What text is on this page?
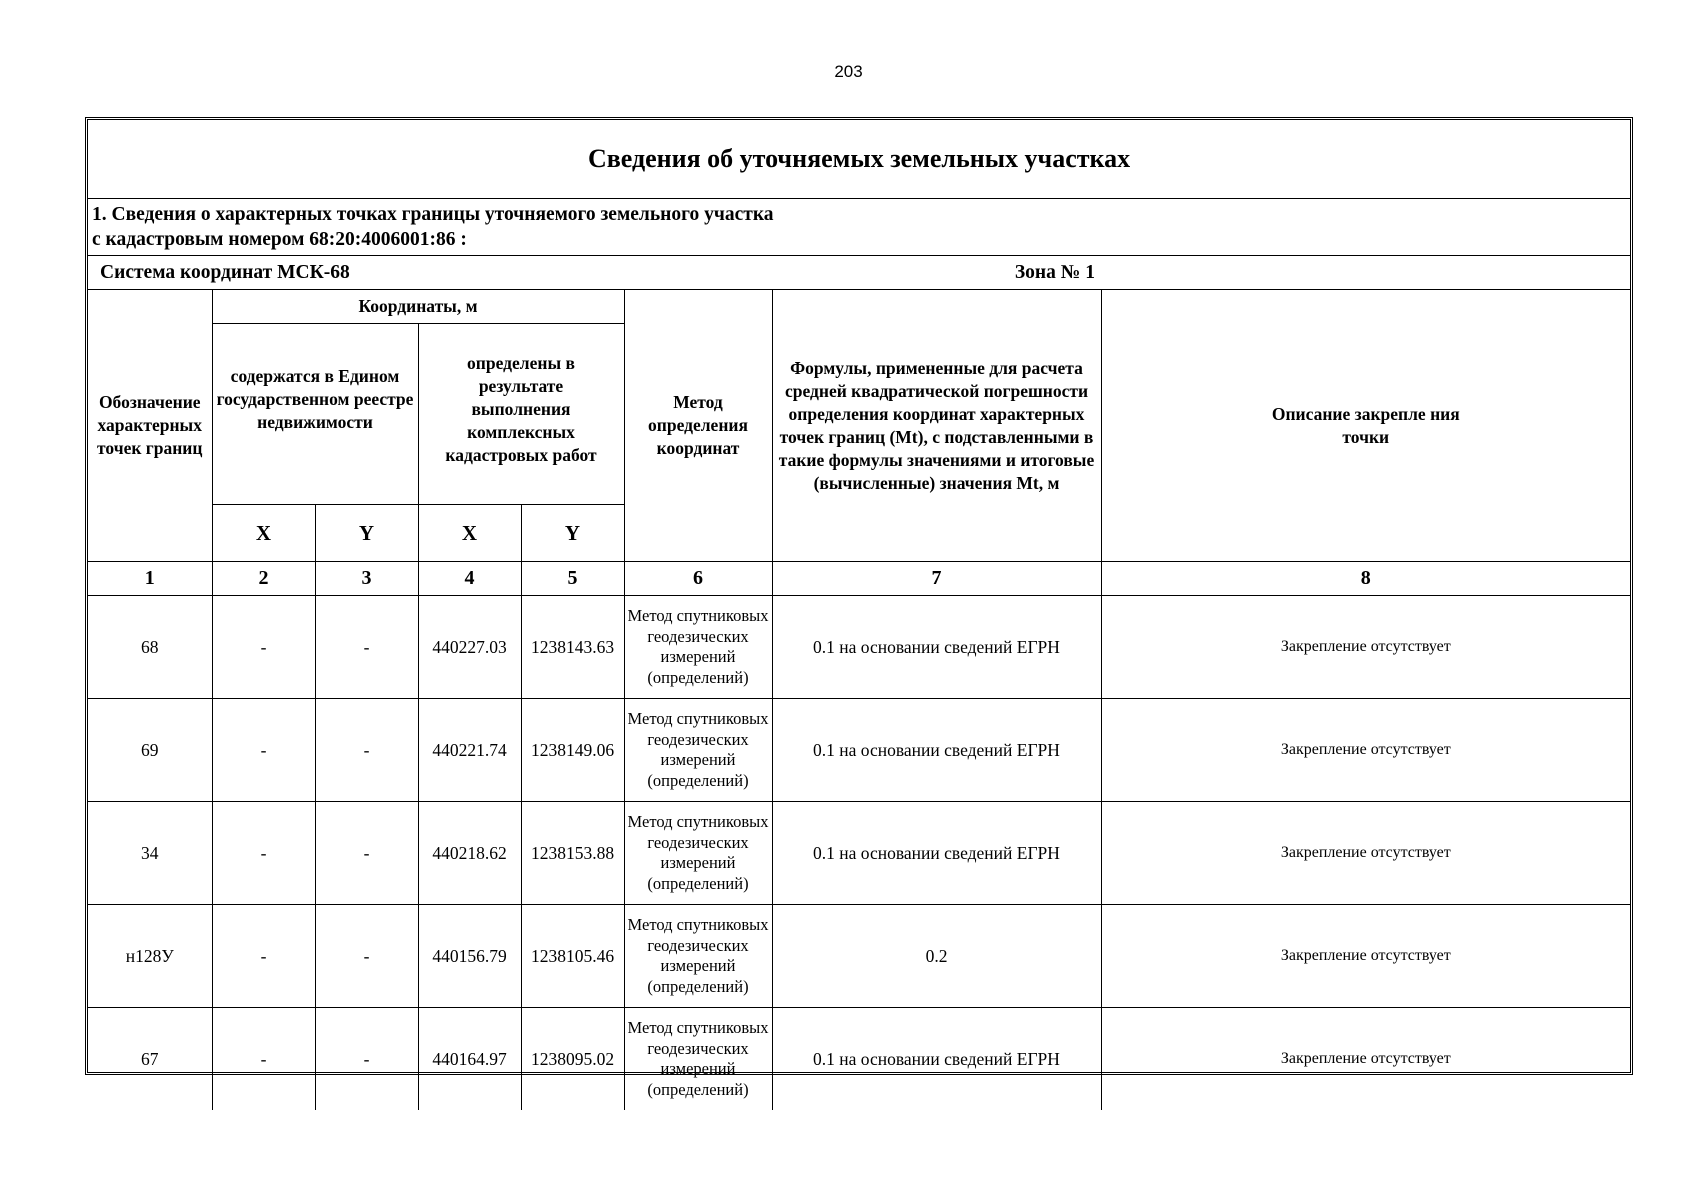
203
Сведения об уточняемых земельных участках							

1. Сведения о характерных точках границы уточняемого земельного участка
с кадастровым номером 68:20:4006001:86 :							

Система координат МСК-68						Зона № 1	
Обозначение характерных точек границ	Координаты, м				Метод определения координат	Формулы, примененные для расчета средней квадратической погрешности определения координат характерных точек границ (Mt), с подставленными в такие формулы значениями и итоговые (вычисленные) значения Mt, м	Описание закрепле ния точки

	содержатся в Едином государственном реестре недвижимости		определены в результате выполнения комплексных кадастровых работ				
	X	Y	X	Y			
1	2	3	4	5	6	7	8
68	-	-	440227.03	1238143.63	Метод спутниковых геодезических измерений (определений)	0.1 на основании сведений ЕГРН	Закрепление отсутствует
69	-	-	440221.74	1238149.06	Метод спутниковых геодезических измерений (определений)	0.1 на основании сведений ЕГРН	Закрепление отсутствует
34	-	-	440218.62	1238153.88	Метод спутниковых геодезических измерений (определений)	0.1 на основании сведений ЕГРН	Закрепление отсутствует
н128У	-	-	440156.79	1238105.46	Метод спутниковых геодезических измерений (определений)	0.2	Закрепление отсутствует
67	-	-	440164.97	1238095.02	Метод спутниковых геодезических измерений (определений)	0.1 на основании сведений ЕГРН	Закрепление отсутствует
